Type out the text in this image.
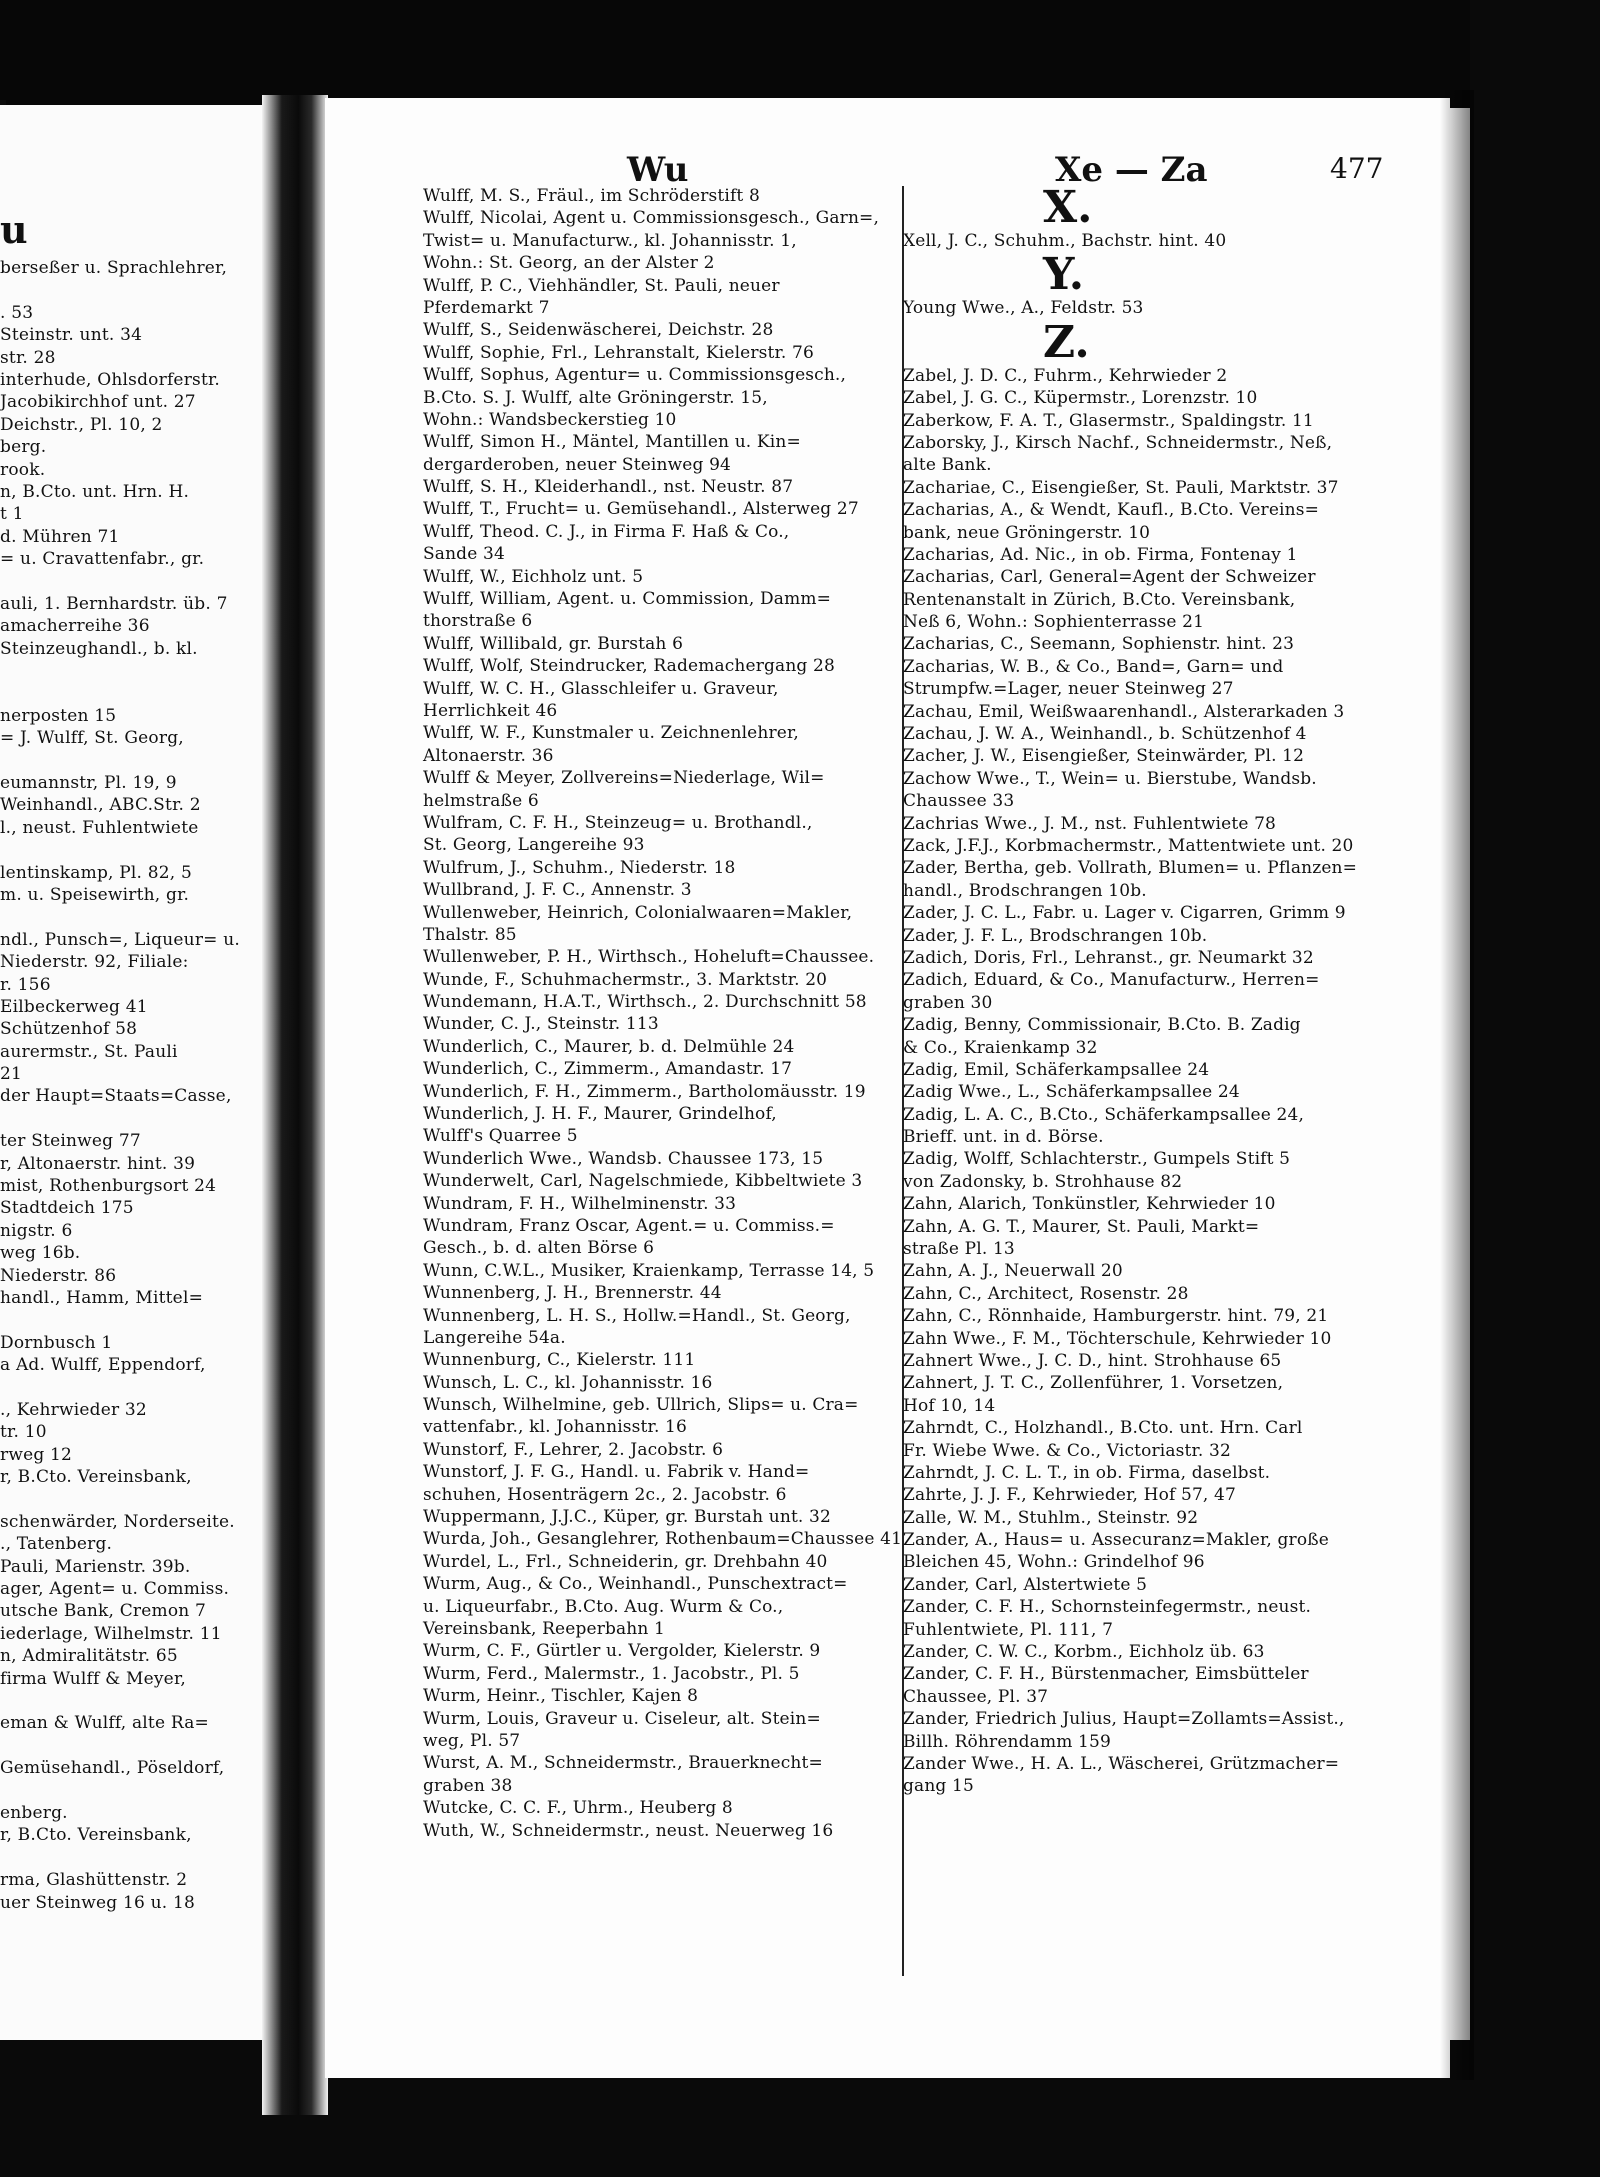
u
berseßer u. Sprachlehrer,
. 53
Steinstr. unt. 34
str. 28
interhude, Ohlsdorferstr.
Jacobikirchhof unt. 27
Deichstr., Pl. 10, 2
berg.
rook.
n, B.Cto. unt. Hrn. H.
t 1
d. Mühren 71
= u. Cravattenfabr., gr.
auli, 1. Bernhardstr. üb. 7
amacherreihe 36
Steinzeughandl., b. kl.
nerposten 15
= J. Wulff, St. Georg,
eumannstr, Pl. 19, 9
Weinhandl., ABC.Str. 2
l., neust. Fuhlentwiete
lentinskamp, Pl. 82, 5
m. u. Speisewirth, gr.
ndl., Punsch=, Liqueur= u.
Niederstr. 92, Filiale:
r. 156
Eilbeckerweg 41
Schützenhof 58
aurermstr., St. Pauli
21
der Haupt=Staats=Casse,
ter Steinweg 77
r, Altonaerstr. hint. 39
mist, Rothenburgsort 24
Stadtdeich 175
nigstr. 6
weg 16b.
Niederstr. 86
handl., Hamm, Mittel=
Dornbusch 1
a Ad. Wulff, Eppendorf,
., Kehrwieder 32
tr. 10
rweg 12
r, B.Cto. Vereinsbank,
schenwärder, Norderseite.
., Tatenberg.
Pauli, Marienstr. 39b.
ager, Agent= u. Commiss.
utsche Bank, Cremon 7
iederlage, Wilhelmstr. 11
n, Admiralitätstr. 65
firma Wulff & Meyer,
eman & Wulff, alte Ra=
Gemüsehandl., Pöseldorf,
enberg.
r, B.Cto. Vereinsbank,
rma, Glashüttenstr. 2
uer Steinweg 16 u. 18
Wu	Xe — Za	477
Wulff, M. S., Fräul., im Schröderstift 8
Wulff, Nicolai, Agent u. Commissionsgesch., Garn=,
Twist= u. Manufacturw., kl. Johannisstr. 1,
Wohn.: St. Georg, an der Alster 2
Wulff, P. C., Viehhändler, St. Pauli, neuer
Pferdemarkt 7
Wulff, S., Seidenwäscherei, Deichstr. 28
Wulff, Sophie, Frl., Lehranstalt, Kielerstr. 76
Wulff, Sophus, Agentur= u. Commissionsgesch.,
B.Cto. S. J. Wulff, alte Gröningerstr. 15,
Wohn.: Wandsbeckerstieg 10
Wulff, Simon H., Mäntel, Mantillen u. Kin=
dergarderoben, neuer Steinweg 94
Wulff, S. H., Kleiderhandl., nst. Neustr. 87
Wulff, T., Frucht= u. Gemüsehandl., Alsterweg 27
Wulff, Theod. C. J., in Firma F. Haß & Co.,
Sande 34
Wulff, W., Eichholz unt. 5
Wulff, William, Agent. u. Commission, Damm=
thorstraße 6
Wulff, Willibald, gr. Burstah 6
Wulff, Wolf, Steindrucker, Rademachergang 28
Wulff, W. C. H., Glasschleifer u. Graveur,
Herrlichkeit 46
Wulff, W. F., Kunstmaler u. Zeichnenlehrer,
Altonaerstr. 36
Wulff & Meyer, Zollvereins=Niederlage, Wil=
helmstraße 6
Wulfram, C. F. H., Steinzeug= u. Brothandl.,
St. Georg, Langereihe 93
Wulfrum, J., Schuhm., Niederstr. 18
Wullbrand, J. F. C., Annenstr. 3
Wullenweber, Heinrich, Colonialwaaren=Makler,
Thalstr. 85
Wullenweber, P. H., Wirthsch., Hoheluft=Chaussee.
Wunde, F., Schuhmachermstr., 3. Marktstr. 20
Wundemann, H.A.T., Wirthsch., 2. Durchschnitt 58
Wunder, C. J., Steinstr. 113
Wunderlich, C., Maurer, b. d. Delmühle 24
Wunderlich, C., Zimmerm., Amandastr. 17
Wunderlich, F. H., Zimmerm., Bartholomäusstr. 19
Wunderlich, J. H. F., Maurer, Grindelhof,
Wulff's Quarree 5
Wunderlich Wwe., Wandsb. Chaussee 173, 15
Wunderwelt, Carl, Nagelschmiede, Kibbeltwiete 3
Wundram, F. H., Wilhelminenstr. 33
Wundram, Franz Oscar, Agent.= u. Commiss.=
Gesch., b. d. alten Börse 6
Wunn, C.W.L., Musiker, Kraienkamp, Terrasse 14, 5
Wunnenberg, J. H., Brennerstr. 44
Wunnenberg, L. H. S., Hollw.=Handl., St. Georg,
Langereihe 54a.
Wunnenburg, C., Kielerstr. 111
Wunsch, L. C., kl. Johannisstr. 16
Wunsch, Wilhelmine, geb. Ullrich, Slips= u. Cra=
vattenfabr., kl. Johannisstr. 16
Wunstorf, F., Lehrer, 2. Jacobstr. 6
Wunstorf, J. F. G., Handl. u. Fabrik v. Hand=
schuhen, Hosenträgern 2c., 2. Jacobstr. 6
Wuppermann, J.J.C., Küper, gr. Burstah unt. 32
Wurda, Joh., Gesanglehrer, Rothenbaum=Chaussee 41
Wurdel, L., Frl., Schneiderin, gr. Drehbahn 40
Wurm, Aug., & Co., Weinhandl., Punschextract=
u. Liqueurfabr., B.Cto. Aug. Wurm & Co.,
Vereinsbank, Reeperbahn 1
Wurm, C. F., Gürtler u. Vergolder, Kielerstr. 9
Wurm, Ferd., Malermstr., 1. Jacobstr., Pl. 5
Wurm, Heinr., Tischler, Kajen 8
Wurm, Louis, Graveur u. Ciseleur, alt. Stein=
weg, Pl. 57
Wurst, A. M., Schneidermstr., Brauerknecht=
graben 38
Wutcke, C. C. F., Uhrm., Heuberg 8
Wuth, W., Schneidermstr., neust. Neuerweg 16
X.
Xell, J. C., Schuhm., Bachstr. hint. 40
Y.
Young Wwe., A., Feldstr. 53
Z.
Zabel, J. D. C., Fuhrm., Kehrwieder 2
Zabel, J. G. C., Küpermstr., Lorenzstr. 10
Zaberkow, F. A. T., Glasermstr., Spaldingstr. 11
Zaborsky, J., Kirsch Nachf., Schneidermstr., Neß,
alte Bank.
Zachariae, C., Eisengießer, St. Pauli, Marktstr. 37
Zacharias, A., & Wendt, Kaufl., B.Cto. Vereins=
bank, neue Gröningerstr. 10
Zacharias, Ad. Nic., in ob. Firma, Fontenay 1
Zacharias, Carl, General=Agent der Schweizer
Rentenanstalt in Zürich, B.Cto. Vereinsbank,
Neß 6, Wohn.: Sophienterrasse 21
Zacharias, C., Seemann, Sophienstr. hint. 23
Zacharias, W. B., & Co., Band=, Garn= und
Strumpfw.=Lager, neuer Steinweg 27
Zachau, Emil, Weißwaarenhandl., Alsterarkaden 3
Zachau, J. W. A., Weinhandl., b. Schützenhof 4
Zacher, J. W., Eisengießer, Steinwärder, Pl. 12
Zachow Wwe., T., Wein= u. Bierstube, Wandsb.
Chaussee 33
Zachrias Wwe., J. M., nst. Fuhlentwiete 78
Zack, J.F.J., Korbmachermstr., Mattentwiete unt. 20
Zader, Bertha, geb. Vollrath, Blumen= u. Pflanzen=
handl., Brodschrangen 10b.
Zader, J. C. L., Fabr. u. Lager v. Cigarren, Grimm 9
Zader, J. F. L., Brodschrangen 10b.
Zadich, Doris, Frl., Lehranst., gr. Neumarkt 32
Zadich, Eduard, & Co., Manufacturw., Herren=
graben 30
Zadig, Benny, Commissionair, B.Cto. B. Zadig
& Co., Kraienkamp 32
Zadig, Emil, Schäferkampsallee 24
Zadig Wwe., L., Schäferkampsallee 24
Zadig, L. A. C., B.Cto., Schäferkampsallee 24,
Brieff. unt. in d. Börse.
Zadig, Wolff, Schlachterstr., Gumpels Stift 5
von Zadonsky, b. Strohhause 82
Zahn, Alarich, Tonkünstler, Kehrwieder 10
Zahn, A. G. T., Maurer, St. Pauli, Markt=
straße Pl. 13
Zahn, A. J., Neuerwall 20
Zahn, C., Architect, Rosenstr. 28
Zahn, C., Rönnhaide, Hamburgerstr. hint. 79, 21
Zahn Wwe., F. M., Töchterschule, Kehrwieder 10
Zahnert Wwe., J. C. D., hint. Strohhause 65
Zahnert, J. T. C., Zollenführer, 1. Vorsetzen,
Hof 10, 14
Zahrndt, C., Holzhandl., B.Cto. unt. Hrn. Carl
Fr. Wiebe Wwe. & Co., Victoriastr. 32
Zahrndt, J. C. L. T., in ob. Firma, daselbst.
Zahrte, J. J. F., Kehrwieder, Hof 57, 47
Zalle, W. M., Stuhlm., Steinstr. 92
Zander, A., Haus= u. Assecuranz=Makler, große
Bleichen 45, Wohn.: Grindelhof 96
Zander, Carl, Alstertwiete 5
Zander, C. F. H., Schornsteinfegermstr., neust.
Fuhlentwiete, Pl. 111, 7
Zander, C. W. C., Korbm., Eichholz üb. 63
Zander, C. F. H., Bürstenmacher, Eimsbütteler
Chaussee, Pl. 37
Zander, Friedrich Julius, Haupt=Zollamts=Assist.,
Billh. Röhrendamm 159
Zander Wwe., H. A. L., Wäscherei, Grützmacher=
gang 15
